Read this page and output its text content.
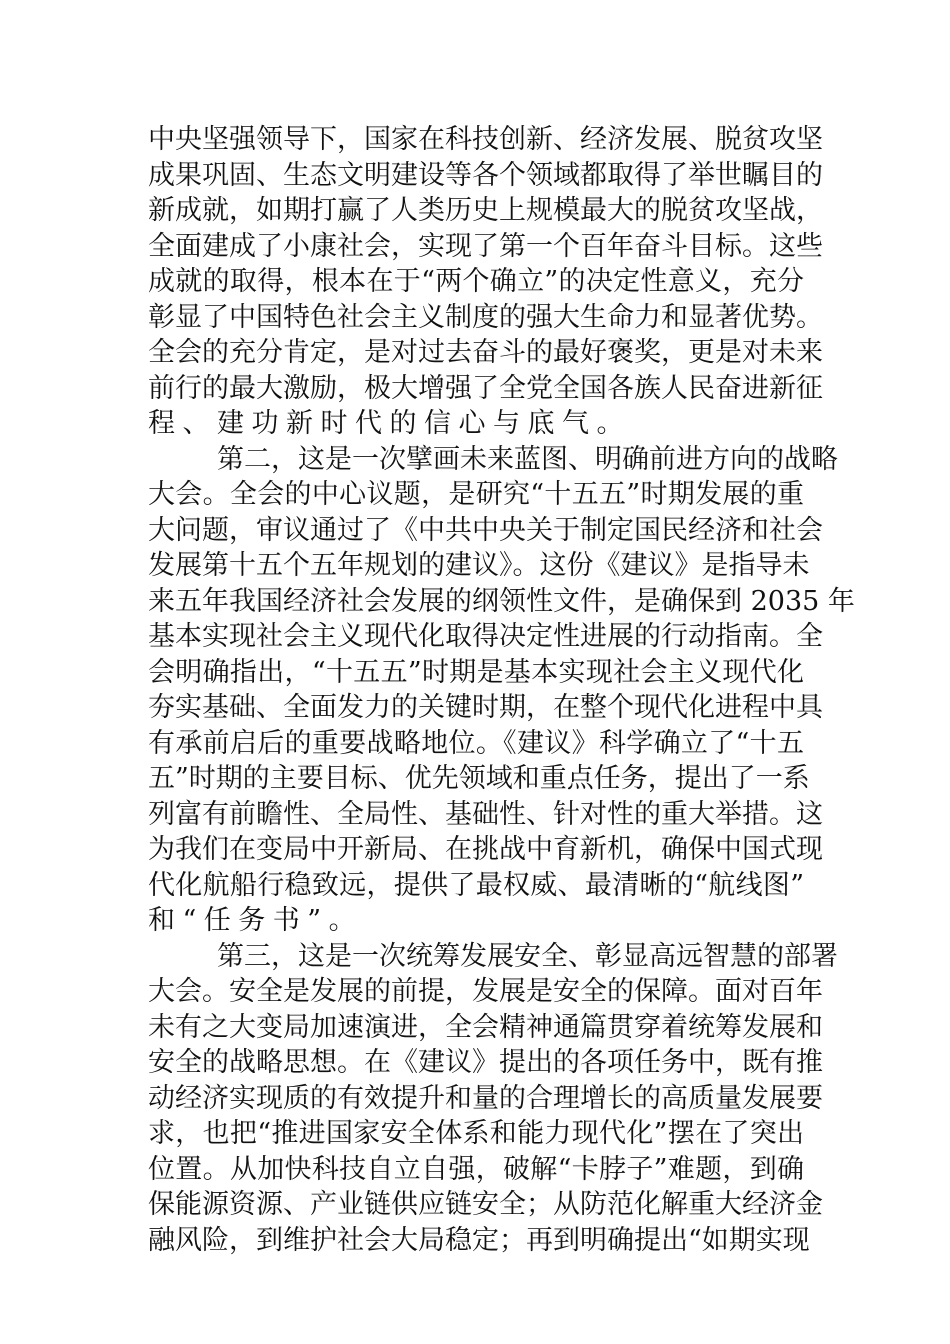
中央坚强领导下，国家在科技创新、经济发展、脱贫攻坚
成果巩固、生态文明建设等各个领域都取得了举世瞩目的
新成就，如期打赢了人类历史上规模最大的脱贫攻坚战，
全面建成了小康社会，实现了第一个百年奋斗目标。这些
成就的取得，根本在于“两个确立”的决定性意义，充分
彰显了中国特色社会主义制度的强大生命力和显著优势。
全会的充分肯定，是对过去奋斗的最好褒奖，更是对未来
前行的最大激励，极大增强了全党全国各族人民奋进新征
程、建功新时代的信心与底气。
第二，这是一次擘画未来蓝图、明确前进方向的战略
大会。全会的中心议题，是研究“十五五”时期发展的重
大问题，审议通过了《中共中央关于制定国民经济和社会
发展第十五个五年规划的建议》。这份《建议》是指导未
来五年我国经济社会发展的纲领性文件，是确保到 2035 年
基本实现社会主义现代化取得决定性进展的行动指南。全
会明确指出，“十五五”时期是基本实现社会主义现代化
夯实基础、全面发力的关键时期，在整个现代化进程中具
有承前启后的重要战略地位。《建议》科学确立了“十五
五”时期的主要目标、优先领域和重点任务，提出了一系
列富有前瞻性、全局性、基础性、针对性的重大举措。这
为我们在变局中开新局、在挑战中育新机，确保中国式现
代化航船行稳致远，提供了最权威、最清晰的“航线图”
和“任务书”。
第三，这是一次统筹发展安全、彰显高远智慧的部署
大会。安全是发展的前提，发展是安全的保障。面对百年
未有之大变局加速演进，全会精神通篇贯穿着统筹发展和
安全的战略思想。在《建议》提出的各项任务中，既有推
动经济实现质的有效提升和量的合理增长的高质量发展要
求，也把“推进国家安全体系和能力现代化”摆在了突出
位置。从加快科技自立自强，破解“卡脖子”难题，到确
保能源资源、产业链供应链安全；从防范化解重大经济金
融风险，到维护社会大局稳定；再到明确提出“如期实现
